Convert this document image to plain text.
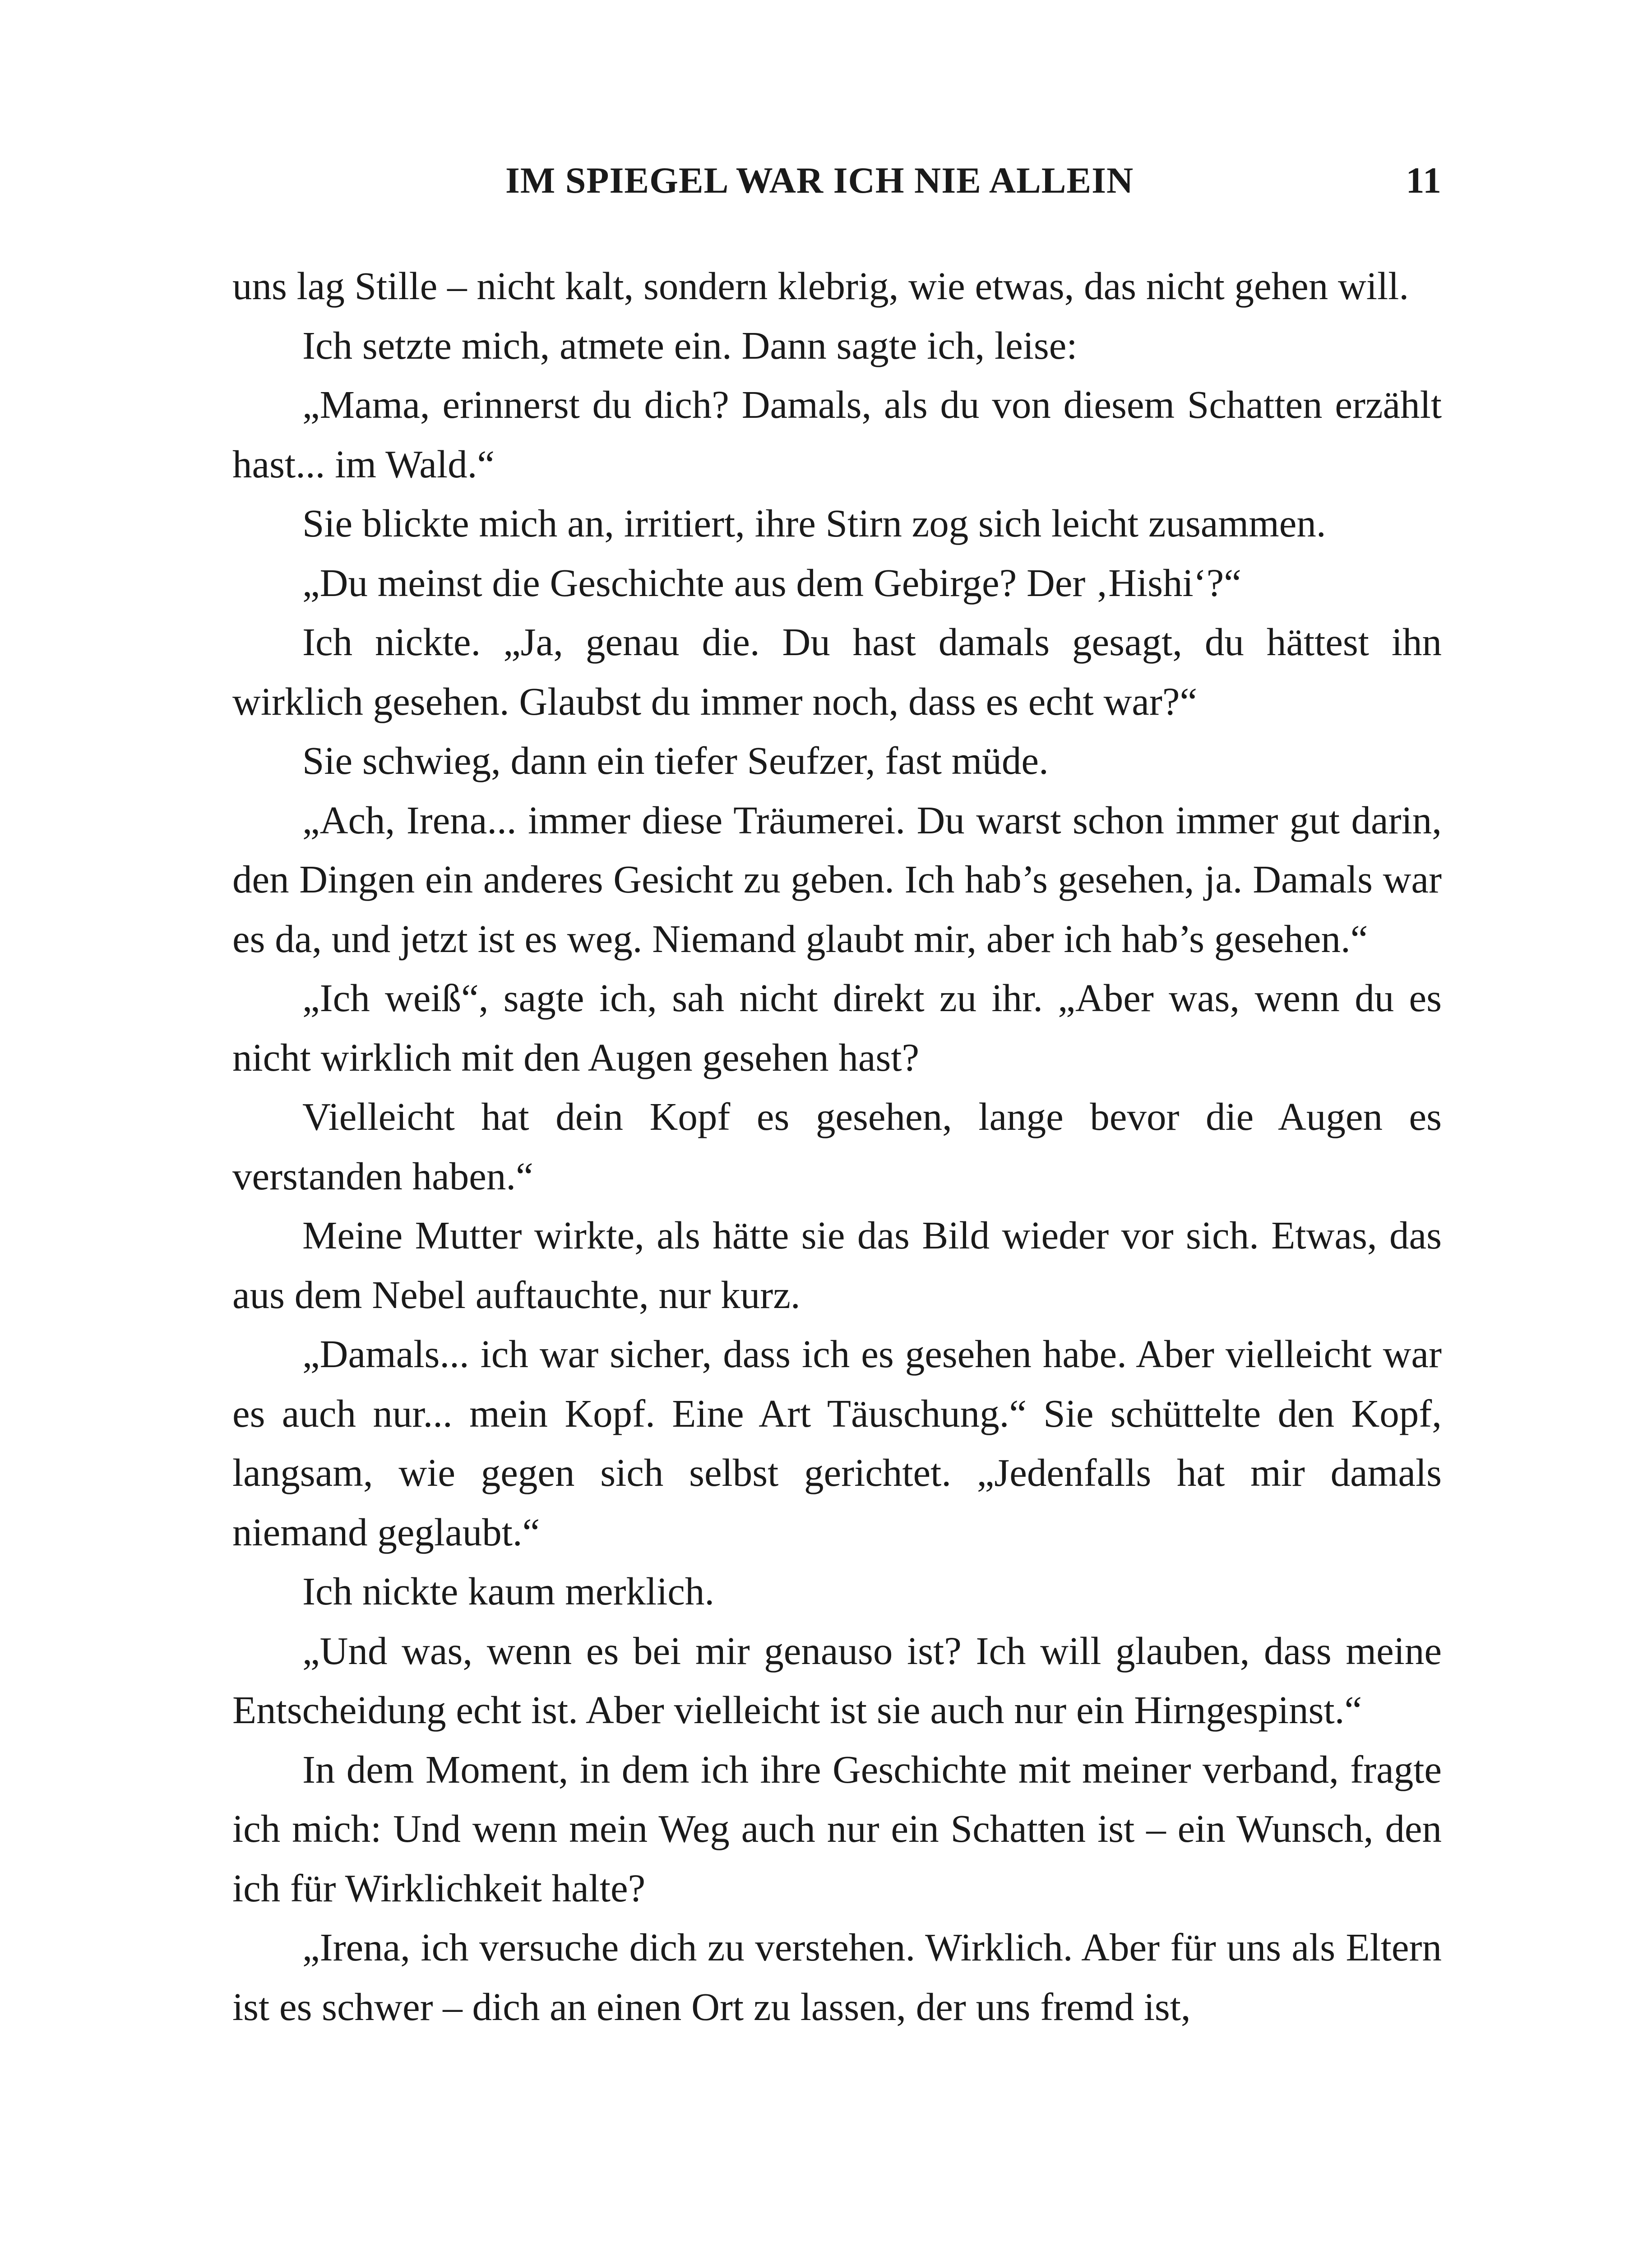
IM SPIEGEL WAR ICH NIE ALLEIN	11

uns lag Stille – nicht kalt, sondern klebrig, wie etwas, das nicht gehen will.

Ich setzte mich, atmete ein. Dann sagte ich, leise:

„Mama, erinnerst du dich? Damals, als du von diesem Schatten erzählt hast... im Wald.“

Sie blickte mich an, irritiert, ihre Stirn zog sich leicht zusammen.

„Du meinst die Geschichte aus dem Gebirge? Der ‚Hishi‘?“

Ich nickte. „Ja, genau die. Du hast damals gesagt, du hättest ihn wirklich gesehen. Glaubst du immer noch, dass es echt war?“

Sie schwieg, dann ein tiefer Seufzer, fast müde.

„Ach, Irena... immer diese Träumerei. Du warst schon immer gut darin, den Dingen ein anderes Gesicht zu geben. Ich hab’s gesehen, ja. Damals war es da, und jetzt ist es weg. Niemand glaubt mir, aber ich hab’s gesehen.“

„Ich weiß“, sagte ich, sah nicht direkt zu ihr. „Aber was, wenn du es nicht wirklich mit den Augen gesehen hast?

Vielleicht hat dein Kopf es gesehen, lange bevor die Augen es verstanden haben.“

Meine Mutter wirkte, als hätte sie das Bild wieder vor sich. Etwas, das aus dem Nebel auftauchte, nur kurz.

„Damals... ich war sicher, dass ich es gesehen habe. Aber vielleicht war es auch nur... mein Kopf. Eine Art Täuschung.“ Sie schüttelte den Kopf, langsam, wie gegen sich selbst gerichtet. „Jedenfalls hat mir damals niemand geglaubt.“

Ich nickte kaum merklich.

„Und was, wenn es bei mir genauso ist? Ich will glauben, dass meine Entscheidung echt ist. Aber vielleicht ist sie auch nur ein Hirngespinst.“

In dem Moment, in dem ich ihre Geschichte mit meiner verband, fragte ich mich: Und wenn mein Weg auch nur ein Schatten ist – ein Wunsch, den ich für Wirklichkeit halte?

„Irena, ich versuche dich zu verstehen. Wirklich. Aber für uns als Eltern ist es schwer – dich an einen Ort zu lassen, der uns fremd ist,
